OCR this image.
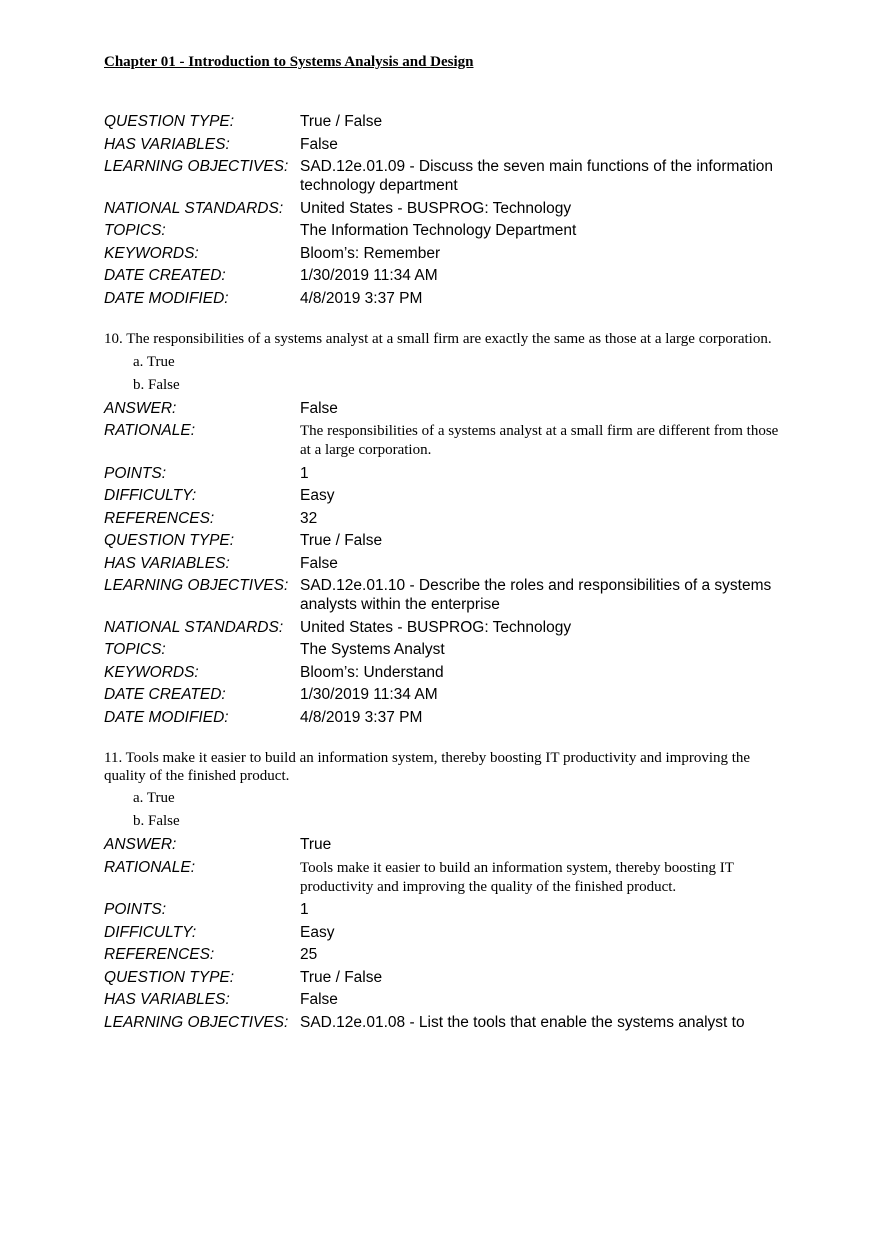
Chapter 01 - Introduction to Systems Analysis and Design
QUESTION TYPE:	True / False
HAS VARIABLES:	False
LEARNING OBJECTIVES: SAD.12e.01.09 - Discuss the seven main functions of the information technology department
NATIONAL STANDARDS:	United States - BUSPROG: Technology
TOPICS:	The Information Technology Department
KEYWORDS:	Bloom’s: Remember
DATE CREATED:	1/30/2019 11:34 AM
DATE MODIFIED:	4/8/2019 3:37 PM
10. The responsibilities of a systems analyst at a small firm are exactly the same as those at a large corporation.
a. True
b. False
ANSWER:	False
RATIONALE:	The responsibilities of a systems analyst at a small firm are different from those at a large corporation.
POINTS:	1
DIFFICULTY:	Easy
REFERENCES:	32
QUESTION TYPE:	True / False
HAS VARIABLES:	False
LEARNING OBJECTIVES: SAD.12e.01.10 - Describe the roles and responsibilities of a systems analysts within the enterprise
NATIONAL STANDARDS:	United States - BUSPROG: Technology
TOPICS:	The Systems Analyst
KEYWORDS:	Bloom’s: Understand
DATE CREATED:	1/30/2019 11:34 AM
DATE MODIFIED:	4/8/2019 3:37 PM
11. Tools make it easier to build an information system, thereby boosting IT productivity and improving the quality of the finished product.
a. True
b. False
ANSWER:	True
RATIONALE:	Tools make it easier to build an information system, thereby boosting IT productivity and improving the quality of the finished product.
POINTS:	1
DIFFICULTY:	Easy
REFERENCES:	25
QUESTION TYPE:	True / False
HAS VARIABLES:	False
LEARNING OBJECTIVES: SAD.12e.01.08 - List the tools that enable the systems analyst to
